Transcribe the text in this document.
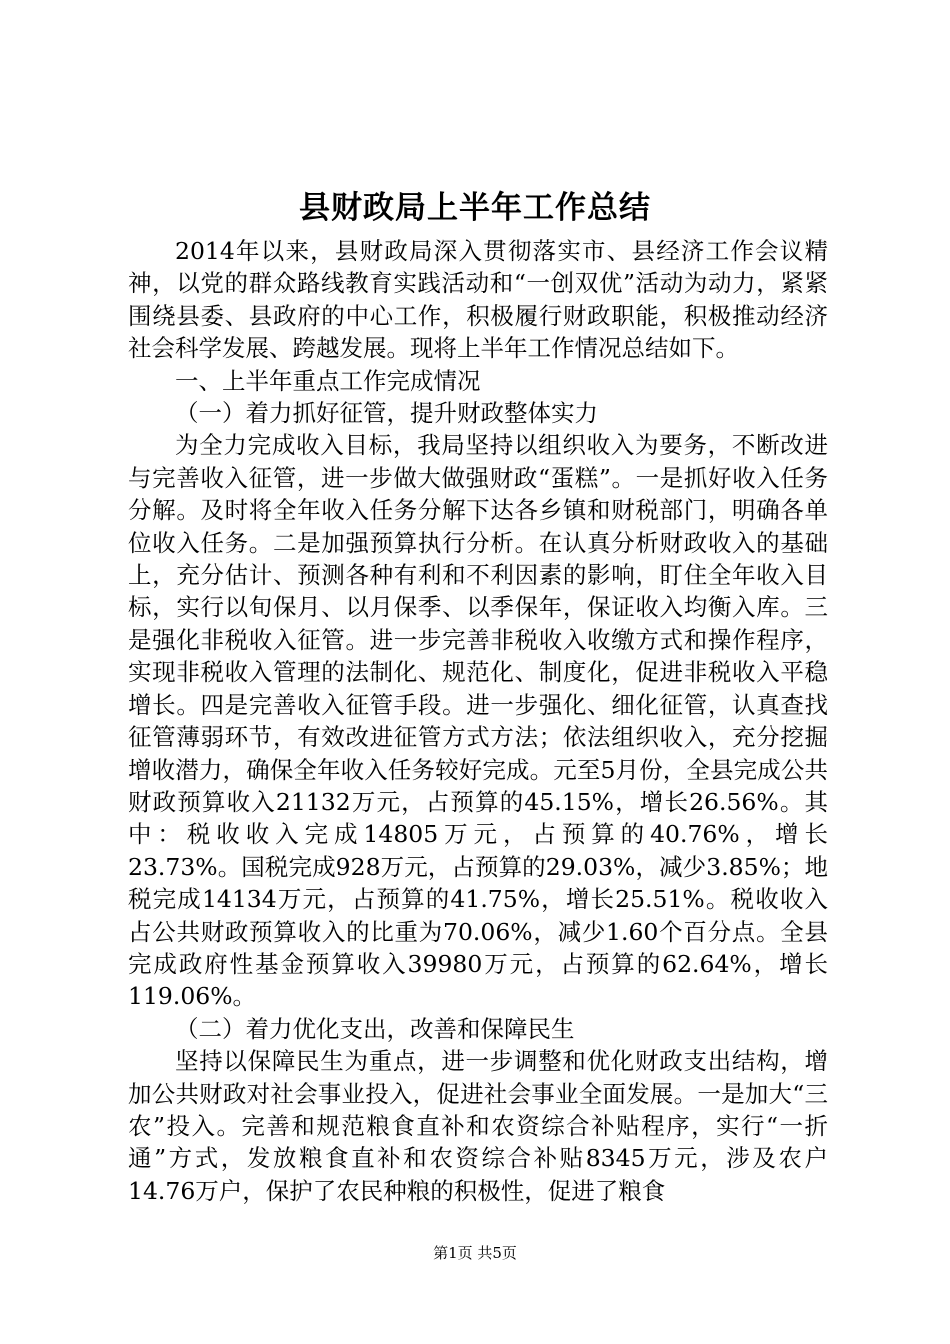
县财政局上半年工作总结

2014年以来，县财政局深入贯彻落实市、县经济工作会议精神，以党的群众路线教育实践活动和“一创双优”活动为动力，紧紧围绕县委、县政府的中心工作，积极履行财政职能，积极推动经济社会科学发展、跨越发展。现将上半年工作情况总结如下。

一、上半年重点工作完成情况

（一）着力抓好征管，提升财政整体实力

为全力完成收入目标，我局坚持以组织收入为要务，不断改进与完善收入征管，进一步做大做强财政“蛋糕”。一是抓好收入任务分解。及时将全年收入任务分解下达各乡镇和财税部门，明确各单位收入任务。二是加强预算执行分析。在认真分析财政收入的基础上，充分估计、预测各种有利和不利因素的影响，盯住全年收入目标，实行以旬保月、以月保季、以季保年，保证收入均衡入库。三是强化非税收入征管。进一步完善非税收入收缴方式和操作程序，实现非税收入管理的法制化、规范化、制度化，促进非税收入平稳增长。四是完善收入征管手段。进一步强化、细化征管，认真查找征管薄弱环节，有效改进征管方式方法；依法组织收入，充分挖掘增收潜力，确保全年收入任务较好完成。元至5月份，全县完成公共财政预算收入21132万元，占预算的45.15%，增长26.56%。其中：税收收入完成14805万元，占预算的40.76%，增长23.73%。国税完成928万元，占预算的29.03%，减少3.85%；地税完成14134万元，占预算的41.75%，增长25.51%。税收收入占公共财政预算收入的比重为70.06%，减少1.60个百分点。全县完成政府性基金预算收入39980万元，占预算的62.64%，增长119.06%。

（二）着力优化支出，改善和保障民生

坚持以保障民生为重点，进一步调整和优化财政支出结构，增加公共财政对社会事业投入，促进社会事业全面发展。一是加大“三农”投入。完善和规范粮食直补和农资综合补贴程序，实行“一折通”方式，发放粮食直补和农资综合补贴8345万元，涉及农户14.76万户，保护了农民种粮的积极性，促进了粮食

第1页 共5页
